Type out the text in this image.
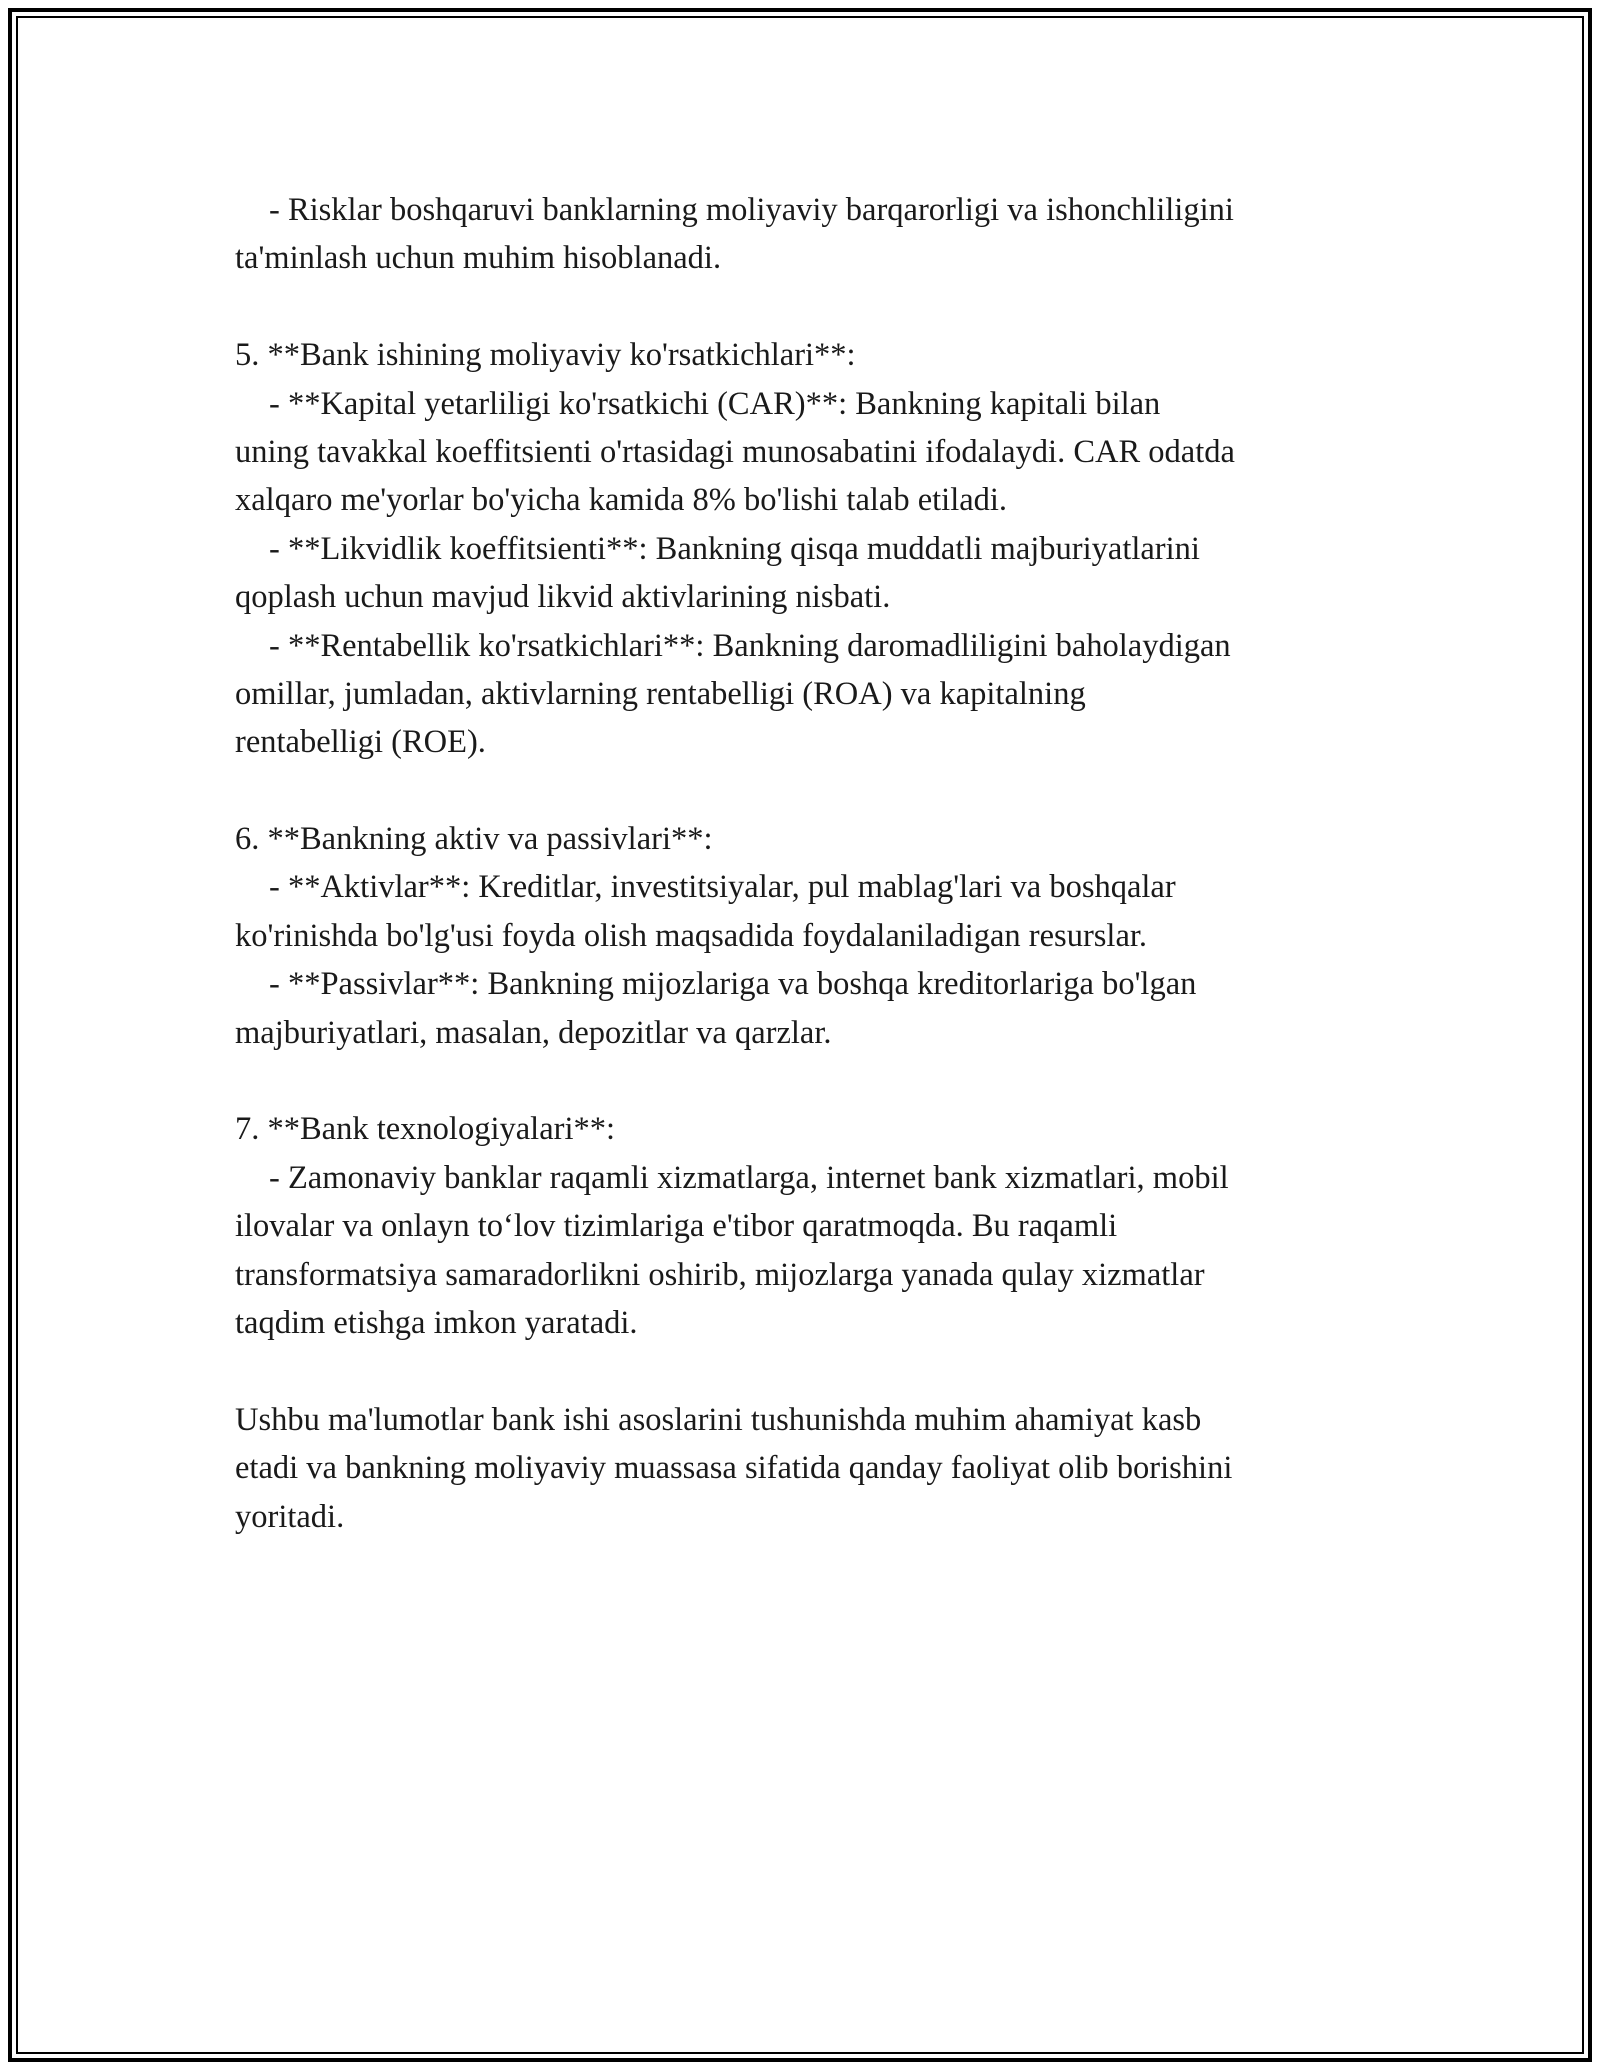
- Risklar boshqaruvi banklarning moliyaviy barqarorligi va ishonchliligini
ta'minlash uchun muhim hisoblanadi.
5. **Bank ishining moliyaviy ko'rsatkichlari**:
- **Kapital yetarliligi ko'rsatkichi (CAR)**: Bankning kapitali bilan
uning tavakkal koeffitsienti o'rtasidagi munosabatini ifodalaydi. CAR odatda
xalqaro me'yorlar bo'yicha kamida 8% bo'lishi talab etiladi.
- **Likvidlik koeffitsienti**: Bankning qisqa muddatli majburiyatlarini
qoplash uchun mavjud likvid aktivlarining nisbati.
- **Rentabellik ko'rsatkichlari**: Bankning daromadliligini baholaydigan
omillar, jumladan, aktivlarning rentabelligi (ROA) va kapitalning
rentabelligi (ROE).
6. **Bankning aktiv va passivlari**:
- **Aktivlar**: Kreditlar, investitsiyalar, pul mablag'lari va boshqalar
ko'rinishda bo'lg'usi foyda olish maqsadida foydalaniladigan resurslar.
- **Passivlar**: Bankning mijozlariga va boshqa kreditorlariga bo'lgan
majburiyatlari, masalan, depozitlar va qarzlar.
7. **Bank texnologiyalari**:
- Zamonaviy banklar raqamli xizmatlarga, internet bank xizmatlari, mobil
ilovalar va onlayn to‘lov tizimlariga e'tibor qaratmoqda. Bu raqamli
transformatsiya samaradorlikni oshirib, mijozlarga yanada qulay xizmatlar
taqdim etishga imkon yaratadi.
Ushbu ma'lumotlar bank ishi asoslarini tushunishda muhim ahamiyat kasb
etadi va bankning moliyaviy muassasa sifatida qanday faoliyat olib borishini
yoritadi.
